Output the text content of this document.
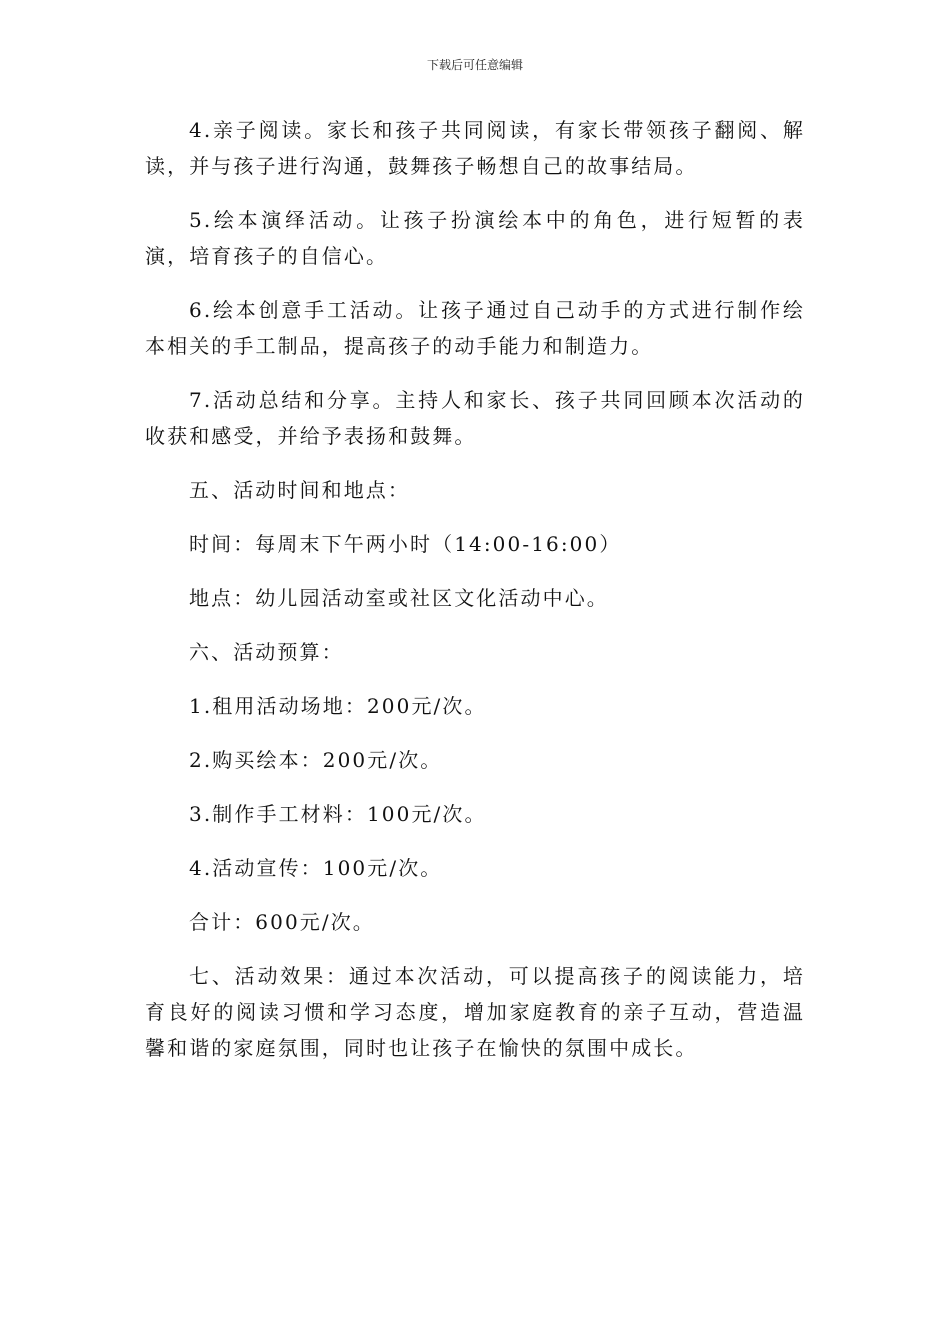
下载后可任意编辑

4.亲子阅读。家长和孩子共同阅读，有家长带领孩子翻阅、解读，并与孩子进行沟通，鼓舞孩子畅想自己的故事结局。

5.绘本演绎活动。让孩子扮演绘本中的角色，进行短暂的表演，培育孩子的自信心。

6.绘本创意手工活动。让孩子通过自己动手的方式进行制作绘本相关的手工制品，提高孩子的动手能力和制造力。

7.活动总结和分享。主持人和家长、孩子共同回顾本次活动的收获和感受，并给予表扬和鼓舞。

五、活动时间和地点：

时间：每周末下午两小时（14:00-16:00）

地点：幼儿园活动室或社区文化活动中心。

六、活动预算：

1.租用活动场地：200元/次。

2.购买绘本：200元/次。

3.制作手工材料：100元/次。

4.活动宣传：100元/次。

合计：600元/次。

七、活动效果：通过本次活动，可以提高孩子的阅读能力，培育良好的阅读习惯和学习态度，增加家庭教育的亲子互动，营造温馨和谐的家庭氛围，同时也让孩子在愉快的氛围中成长。
